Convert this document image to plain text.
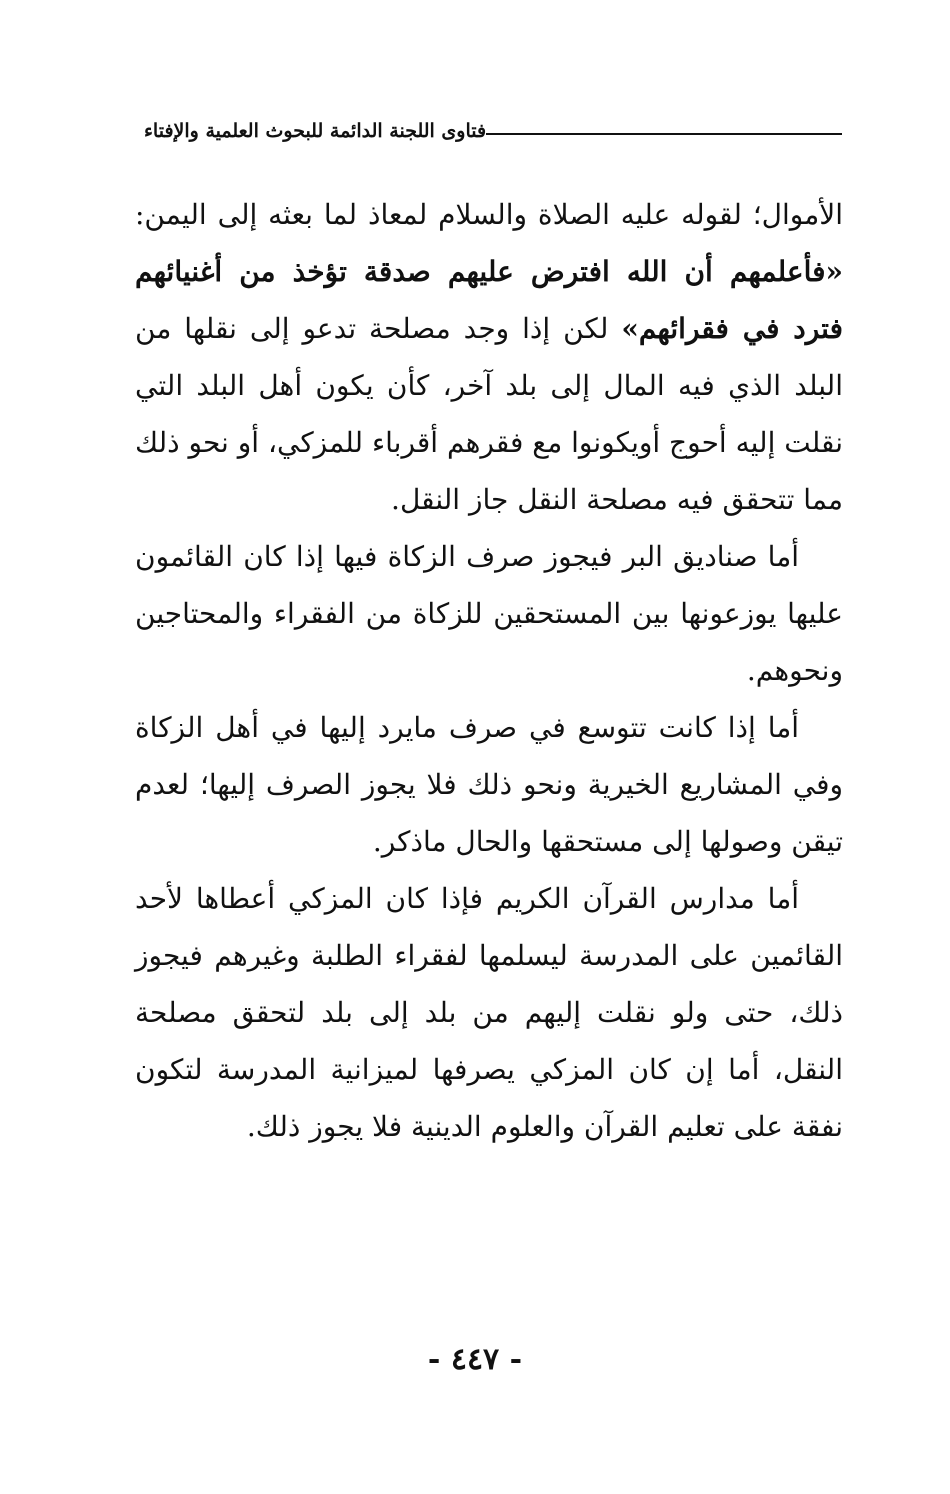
فتاوى اللجنة الدائمة للبحوث العلمية والإفتاء

الأموال؛ لقوله عليه الصلاة والسلام لمعاذ لما بعثه إلى اليمن: «فأعلمهم أن الله افترض عليهم صدقة تؤخذ من أغنيائهم فترد في فقرائهم» لكن إذا وجد مصلحة تدعو إلى نقلها من البلد الذي فيه المال إلى بلد آخر، كأن يكون أهل البلد التي نقلت إليه أحوج أويكونوا مع فقرهم أقرباء للمزكي، أو نحو ذلك مما تتحقق فيه مصلحة النقل جاز النقل.

أما صناديق البر فيجوز صرف الزكاة فيها إذا كان القائمون عليها يوزعونها بين المستحقين للزكاة من الفقراء والمحتاجين ونحوهم.

أما إذا كانت تتوسع في صرف مايرد إليها في أهل الزكاة وفي المشاريع الخيرية ونحو ذلك فلا يجوز الصرف إليها؛ لعدم تيقن وصولها إلى مستحقها والحال ماذكر.

أما مدارس القرآن الكريم فإذا كان المزكي أعطاها لأحد القائمين على المدرسة ليسلمها لفقراء الطلبة وغيرهم فيجوز ذلك، حتى ولو نقلت إليهم من بلد إلى بلد لتحقق مصلحة النقل، أما إن كان المزكي يصرفها لميزانية المدرسة لتكون نفقة على تعليم القرآن والعلوم الدينية فلا يجوز ذلك.

- ٤٤٧ -
